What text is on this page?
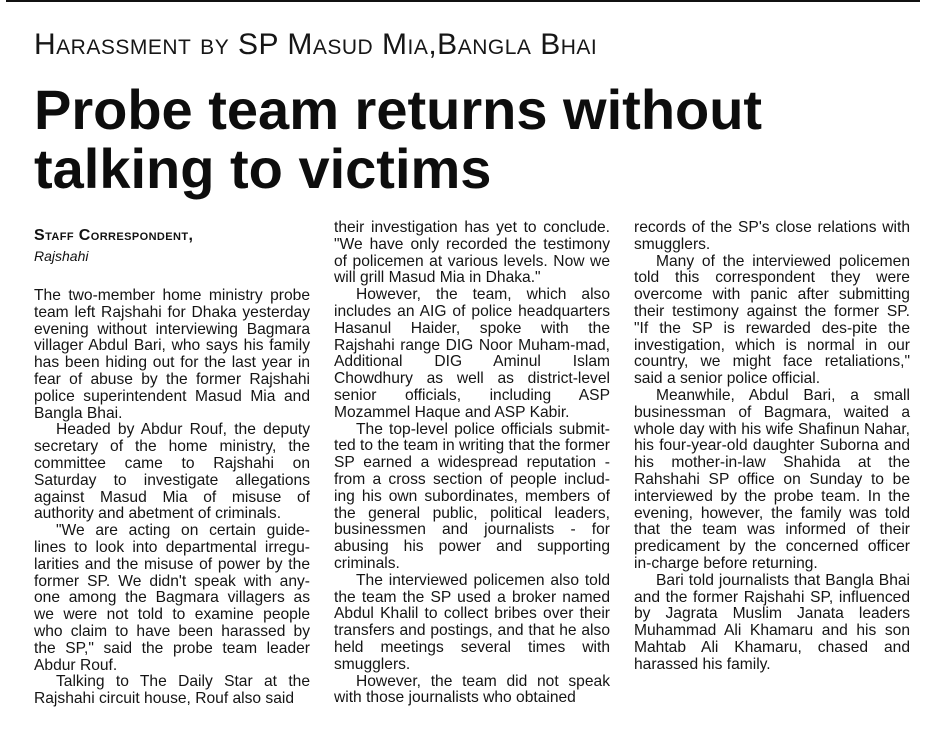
Harassment by SP Masud Mia,Bangla Bhai
Probe team returns without talking to victims
Staff Correspondent,
Rajshahi

The two-member home ministry probe team left Rajshahi for Dhaka yesterday evening without interviewing Bagmara villager Abdul Bari, who says his family has been hiding out for the last year in fear of abuse by the former Rajshahi police superintendent Masud Mia and Bangla Bhai.

Headed by Abdur Rouf, the deputy secretary of the home ministry, the committee came to Rajshahi on Saturday to investigate allegations against Masud Mia of misuse of authority and abetment of criminals.

"We are acting on certain guide-lines to look into departmental irregu-larities and the misuse of power by the former SP. We didn't speak with any-one among the Bagmara villagers as we were not told to examine people who claim to have been harassed by the SP," said the probe team leader Abdur Rouf.

Talking to The Daily Star at the Rajshahi circuit house, Rouf also said

their investigation has yet to conclude. "We have only recorded the testimony of policemen at various levels. Now we will grill Masud Mia in Dhaka."

However, the team, which also includes an AIG of police headquarters Hasanul Haider, spoke with the Rajshahi range DIG Noor Muham-mad, Additional DIG Aminul Islam Chowdhury as well as district-level senior officials, including ASP Mozammel Haque and ASP Kabir.

The top-level police officials submit-ted to the team in writing that the former SP earned a widespread reputation - from a cross section of people includ-ing his own subordinates, members of the general public, political leaders, businessmen and journalists - for abusing his power and supporting criminals.

The interviewed policemen also told the team the SP used a broker named Abdul Khalil to collect bribes over their transfers and postings, and that he also held meetings several times with smugglers.

However, the team did not speak with those journalists who obtained

records of the SP's close relations with smugglers.

Many of the interviewed policemen told this correspondent they were overcome with panic after submitting their testimony against the former SP. "If the SP is rewarded des-pite the investigation, which is normal in our country, we might face retaliations," said a senior police official.

Meanwhile, Abdul Bari, a small businessman of Bagmara, waited a whole day with his wife Shafinun Nahar, his four-year-old daughter Suborna and his mother-in-law Shahida at the Rahshahi SP office on Sunday to be interviewed by the probe team. In the evening, however, the family was told that the team was informed of their predicament by the concerned officer in-charge before returning.

Bari told journalists that Bangla Bhai and the former Rajshahi SP, influenced by Jagrata Muslim Janata leaders Muhammad Ali Khamaru and his son Mahtab Ali Khamaru, chased and harassed his family.
